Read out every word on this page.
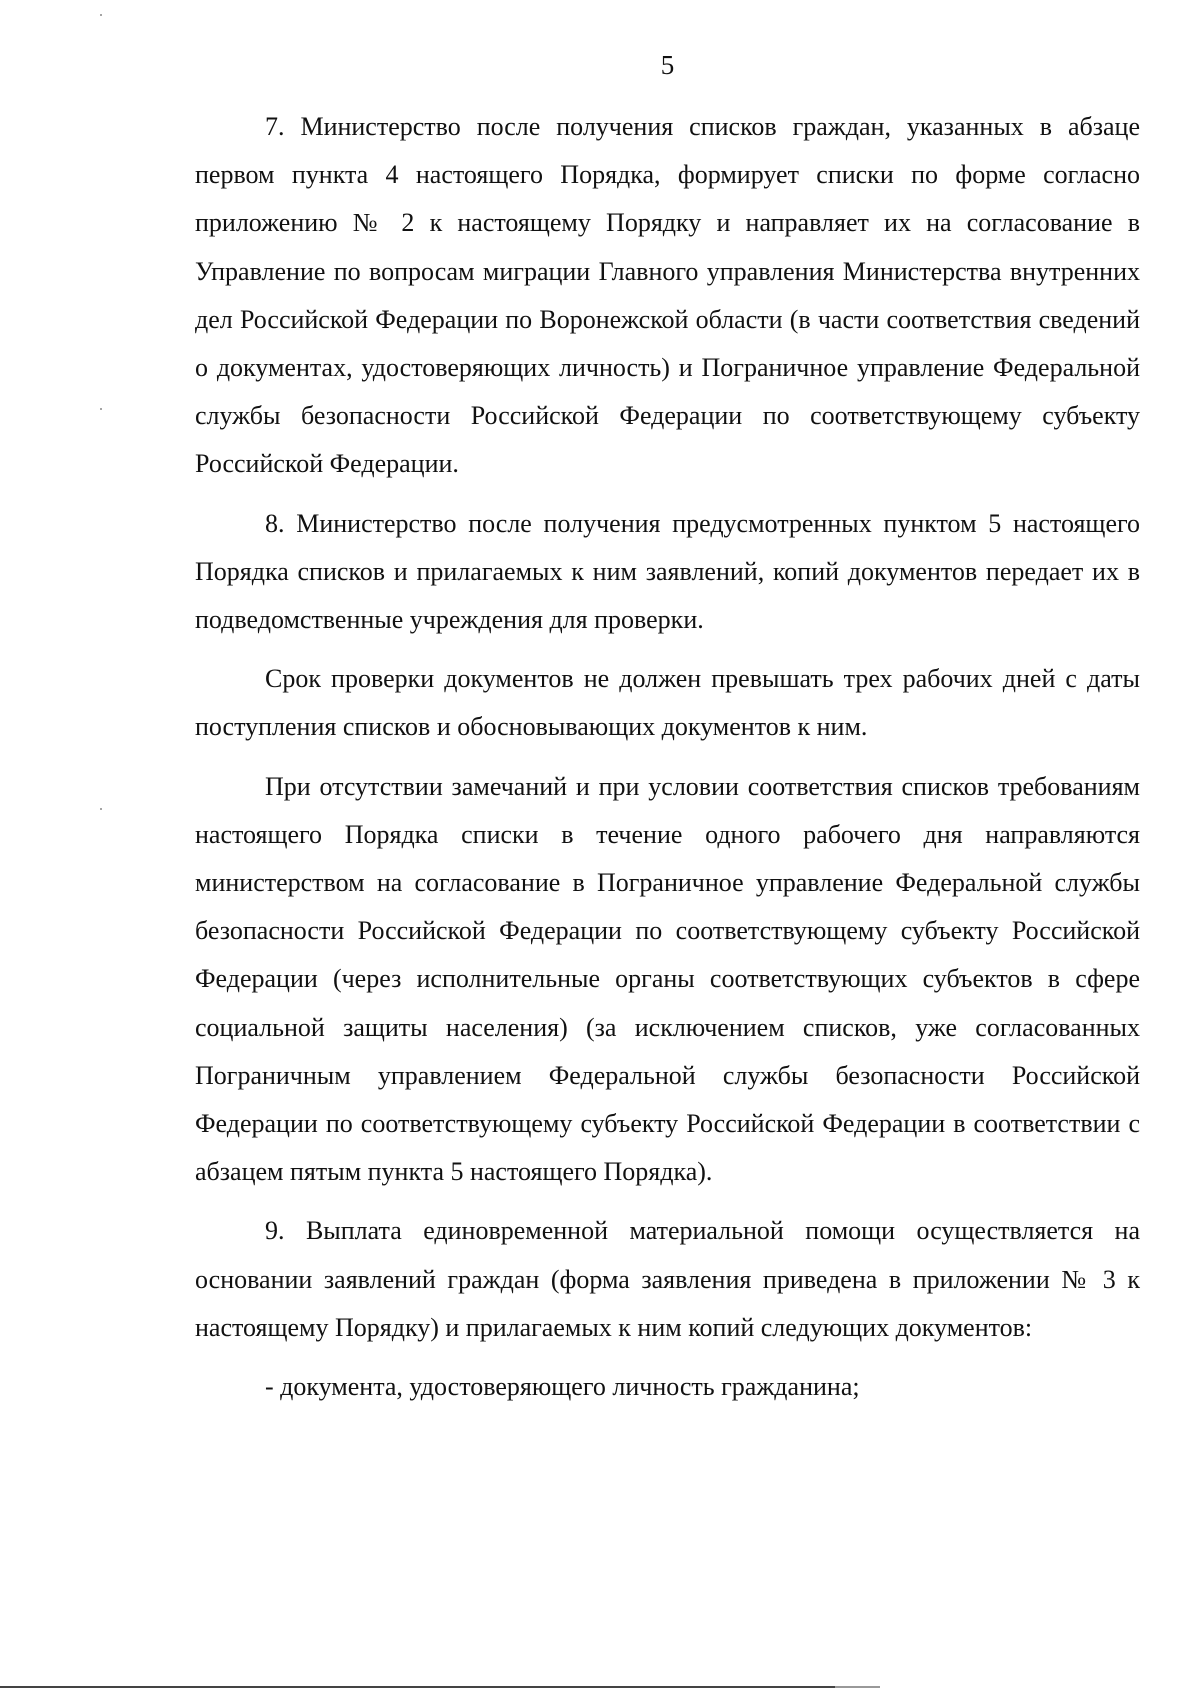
5

7. Министерство после получения списков граждан, указанных в абзаце первом пункта 4 настоящего Порядка, формирует списки по форме согласно приложению № 2 к настоящему Порядку и направляет их на согласование в Управление по вопросам миграции Главного управления Министерства внутренних дел Российской Федерации по Воронежской области (в части соответствия сведений о документах, удостоверяющих личность) и Пограничное управление Федеральной службы безопасности Российской Федерации по соответствующему субъекту Российской Федерации.

8. Министерство после получения предусмотренных пунктом 5 настоящего Порядка списков и прилагаемых к ним заявлений, копий документов передает их в подведомственные учреждения для проверки.

Срок проверки документов не должен превышать трех рабочих дней с даты поступления списков и обосновывающих документов к ним.

При отсутствии замечаний и при условии соответствия списков требованиям настоящего Порядка списки в течение одного рабочего дня направляются министерством на согласование в Пограничное управление Федеральной службы безопасности Российской Федерации по соответствующему субъекту Российской Федерации (через исполнительные органы соответствующих субъектов в сфере социальной защиты населения) (за исключением списков, уже согласованных Пограничным управлением Федеральной службы безопасности Российской Федерации по соответствующему субъекту Российской Федерации в соответствии с абзацем пятым пункта 5 настоящего Порядка).

9. Выплата единовременной материальной помощи осуществляется на основании заявлений граждан (форма заявления приведена в приложении № 3 к настоящему Порядку) и прилагаемых к ним копий следующих документов:

- документа, удостоверяющего личность гражданина;
